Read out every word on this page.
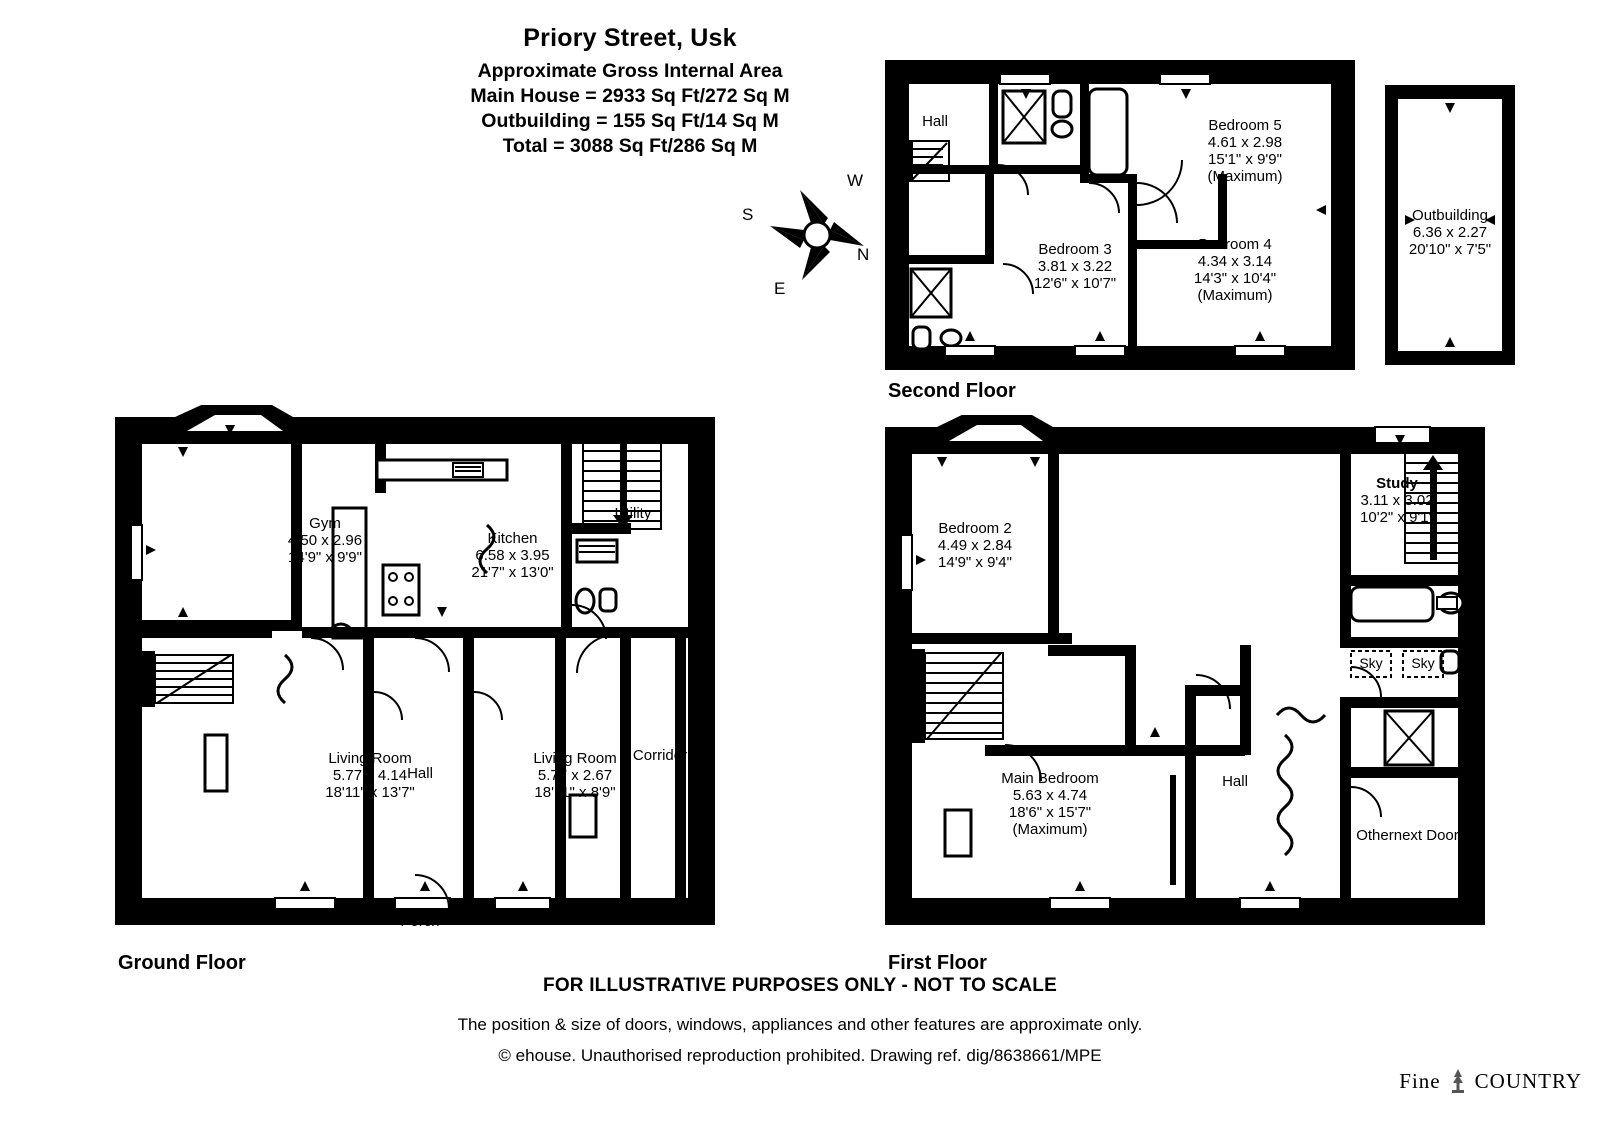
Priory Street, Usk
Approximate Gross Internal Area
Main House = 2933 Sq Ft/272 Sq M
Outbuilding = 155 Sq Ft/14 Sq M
Total = 3088 Sq Ft/286 Sq M
W
S
N
E
Hall	Bedroom 5
4.61 x 2.98
15'1" x 9'9"
(Maximum)
Bedroom 3
3.81 x 3.22
12'6" x 10'7"
Bedroom 4
4.34 x 3.14
14'3" x 10'4"
(Maximum)
Second Floor
Outbuilding
6.36 x 2.27
20'10" x 7'5"
Gym
4.50 x 2.96
14'9" x 9'9"
Kitchen
6.58 x 3.95
21'7" x 13'0"
Utility
Living Room
5.77 x 4.14
18'11" x 13'7"
Living Room
5.77 x 2.67
18'11" x 8'9"
Hall
Corridor
Porch
Ground Floor
Bedroom 2
4.49 x 2.84
14'9" x 9'4"
Main Bedroom
5.63 x 4.74
18'6" x 15'7"
(Maximum)
Study
3.11 x 3.02
10'2" x 9'1"
Hall
Othernext Door
Sky	Sky
First Floor
FOR ILLUSTRATIVE PURPOSES ONLY - NOT TO SCALE
The position & size of doors, windows, appliances and other features are approximate only.
© ehouse. Unauthorised reproduction prohibited. Drawing ref. dig/8638661/MPE
Fine COUNTRY
